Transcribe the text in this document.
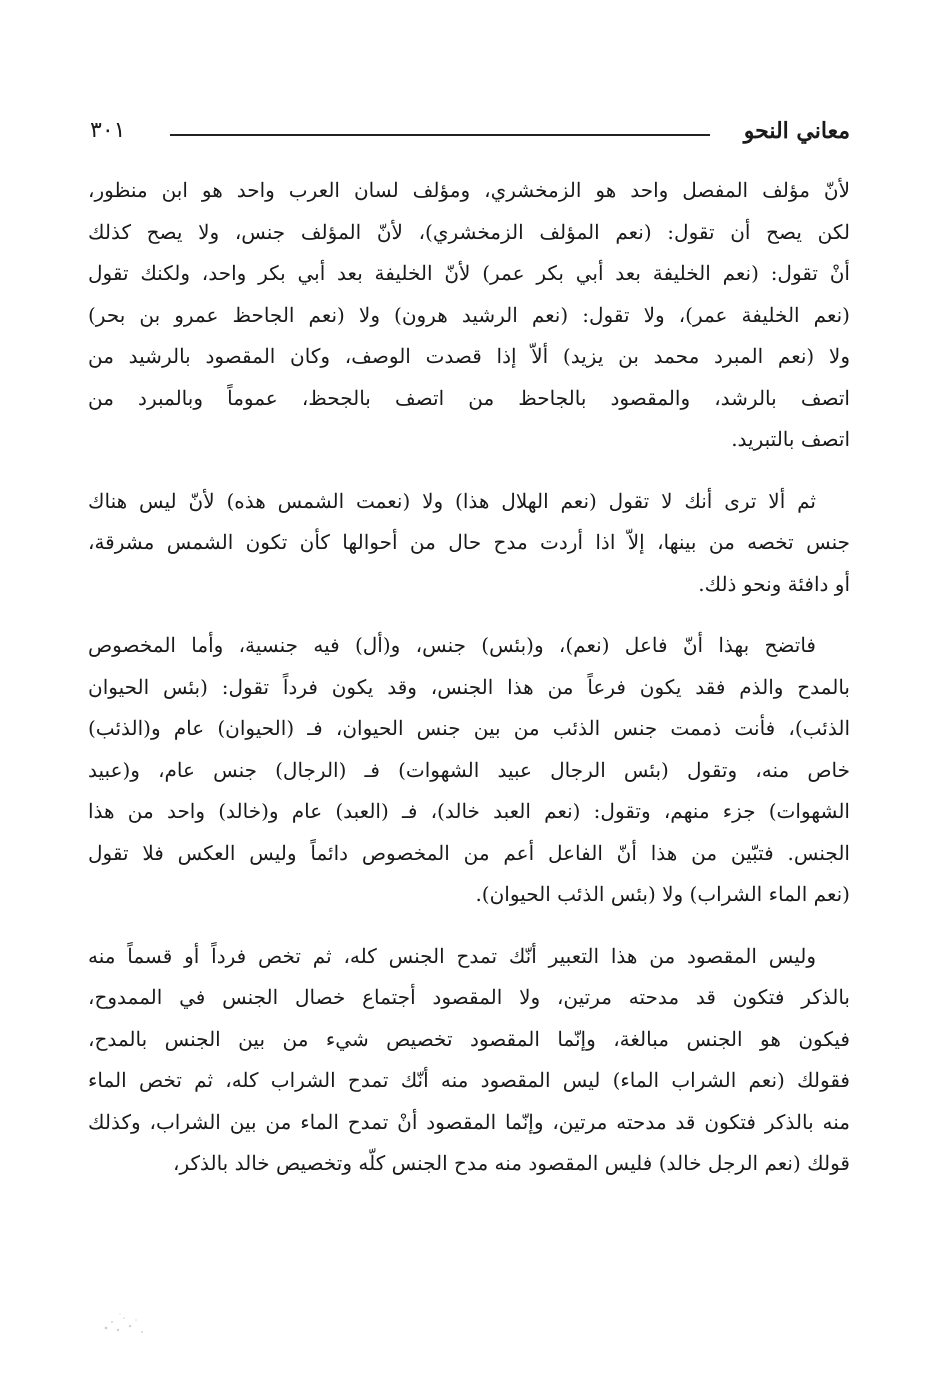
معاني النحو
٣٠١
لأنّ مؤلف المفصل واحد هو الزمخشري، ومؤلف لسان العرب واحد هو ابن منظور،
لكن يصح أن تقول: (نعم المؤلف الزمخشري)، لأنّ المؤلف جنس، ولا يصح كذلك
أنْ تقول: (نعم الخليفة بعد أبي بكر عمر) لأنّ الخليفة بعد أبي بكر واحد، ولكنك تقول
(نعم الخليفة عمر)، ولا تقول: (نعم الرشيد هرون) ولا (نعم الجاحظ عمرو بن بحر)
ولا (نعم المبرد محمد بن يزيد) ألاّ إذا قصدت الوصف، وكان المقصود بالرشيد من
اتصف بالرشد، والمقصود بالجاحظ من اتصف بالجحظ، عموماً وبالمبرد من
اتصف بالتبريد.
ثم ألا ترى أنك لا تقول (نعم الهلال هذا) ولا (نعمت الشمس هذه) لأنّ ليس هناك
جنس تخصه من بينها، إلاّ اذا أردت مدح حال من أحوالها كأن تكون الشمس مشرقة،
أو دافئة ونحو ذلك.
فاتضح بهذا أنّ فاعل (نعم)، و(بئس) جنس، و(أل) فيه جنسية، وأما المخصوص
بالمدح والذم فقد يكون فرعاً من هذا الجنس، وقد يكون فرداً تقول: (بئس الحيوان
الذئب)، فأنت ذممت جنس الذئب من بين جنس الحيوان، فـ (الحيوان) عام و(الذئب)
خاص منه، وتقول (بئس الرجال عبيد الشهوات) فـ (الرجال) جنس عام، و(عبيد
الشهوات) جزء منهم، وتقول: (نعم العبد خالد)، فـ (العبد) عام و(خالد) واحد من هذا
الجنس. فتبّين من هذا أنّ الفاعل أعم من المخصوص دائماً وليس العكس فلا تقول
(نعم الماء الشراب) ولا (بئس الذئب الحيوان).
وليس المقصود من هذا التعبير أنّك تمدح الجنس كله، ثم تخص فرداً أو قسماً منه
بالذكر فتكون قد مدحته مرتين، ولا المقصود أجتماع خصال الجنس في الممدوح،
فيكون هو الجنس مبالغة، وإنّما المقصود تخصيص شيء من بين الجنس بالمدح،
فقولك (نعم الشراب الماء) ليس المقصود منه أنّك تمدح الشراب كله، ثم تخص الماء
منه بالذكر فتكون قد مدحته مرتين، وإنّما المقصود أنْ تمدح الماء من بين الشراب، وكذلك
قولك (نعم الرجل خالد) فليس المقصود منه مدح الجنس كلّه وتخصيص خالد بالذكر،
